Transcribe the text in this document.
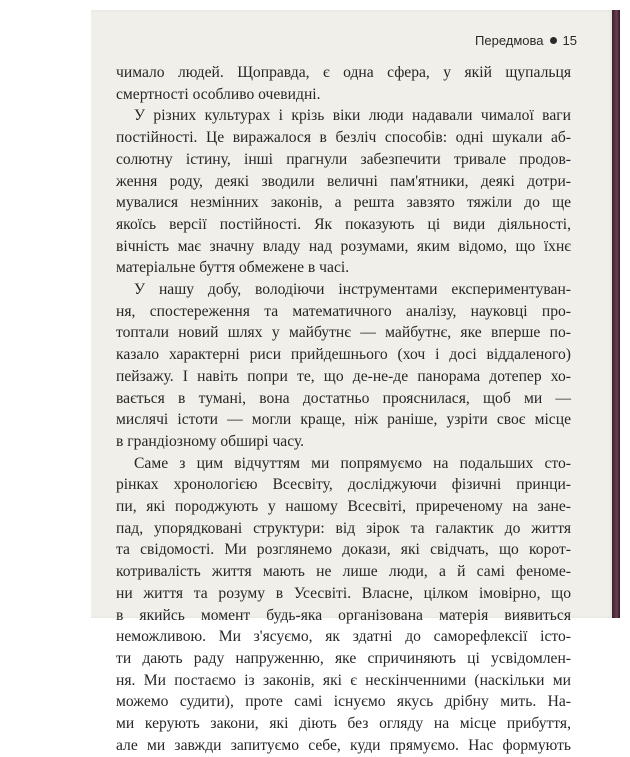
Передмова 15
чимало людей. Щоправда, є одна сфера, у якій щупальця
смертності особливо очевидні.
У різних культурах і крізь віки люди надавали чималої ваги
постійності. Це виражалося в безліч способів: одні шукали аб-
солютну істину, інші прагнули забезпечити тривале продов-
ження роду, деякі зводили величні пам'ятники, деякі дотри-
мувалися незмінних законів, а решта завзято тяжіли до ще
якоїсь версії постійності. Як показують ці види діяльності,
вічність має значну владу над розумами, яким відомо, що їхнє
матеріальне буття обмежене в часі.
У нашу добу, володіючи інструментами експериментуван-
ня, спостереження та математичного аналізу, науковці про-
топтали новий шлях у майбутнє — майбутнє, яке вперше по-
казало характерні риси прийдешнього (хоч і досі віддаленого)
пейзажу. І навіть попри те, що де-не-де панорама дотепер хо-
вається в тумані, вона достатньо прояснилася, щоб ми —
мислячі істоти — могли краще, ніж раніше, узріти своє місце
в грандіозному обширі часу.
Саме з цим відчуттям ми попрямуємо на подальших сто-
рінках хронологією Всесвіту, досліджуючи фізичні принци-
пи, які породжують у нашому Всесвіті, приреченому на занe-
пад, упорядковані структури: від зірок та галактик до життя
та свідомості. Ми розглянемо докази, які свідчать, що корот-
котривалість життя мають не лише люди, а й самі феноме-
ни життя та розуму в Усесвіті. Власне, цілком імовірно, що
в якийсь момент будь-яка організована матерія виявиться
неможливою. Ми з'ясуємо, як здатні до саморефлексії істо-
ти дають раду напруженню, яке спричиняють ці усвідомлен-
ня. Ми постаємо із законів, які є нескінченними (наскільки ми
можемо судити), проте самі існуємо якусь дрібну мить. На-
ми керують закони, які діють без огляду на місце прибуття,
але ми завжди запитуємо себе, куди прямуємо. Нас формують
